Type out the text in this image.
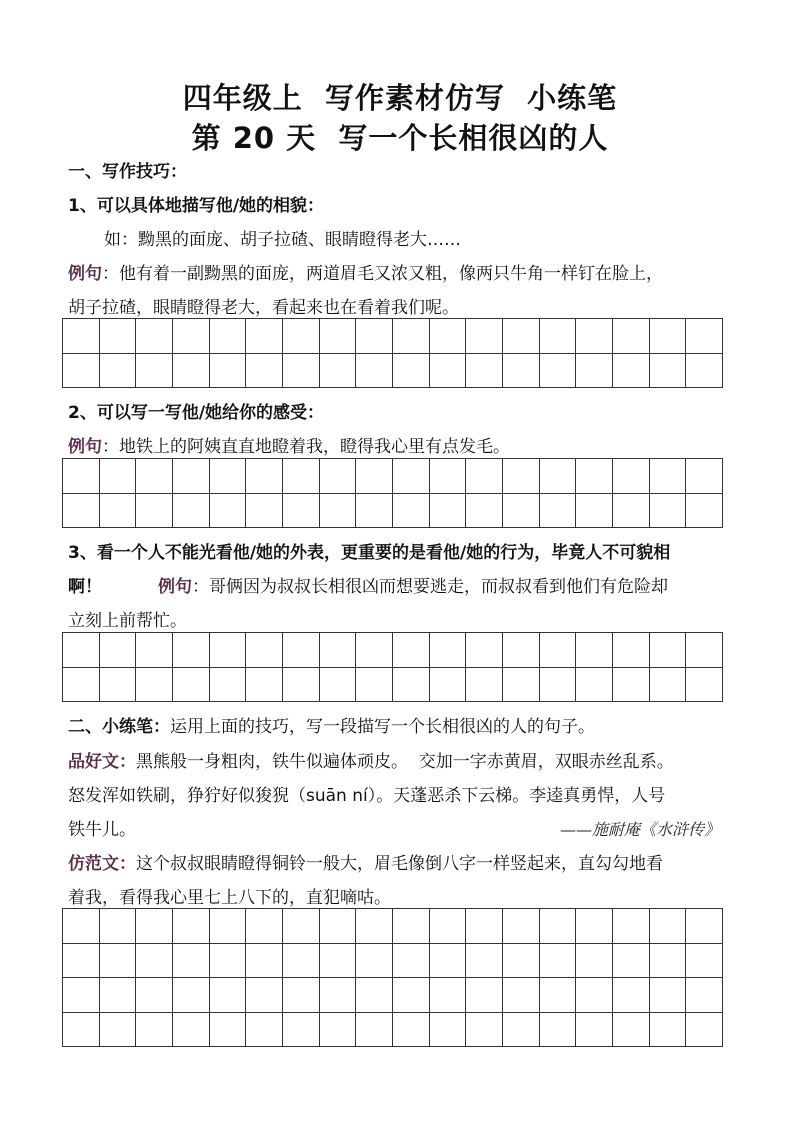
四年级上  写作素材仿写  小练笔
第 20 天  写一个长相很凶的人
一、写作技巧：
1、可以具体地描写他/她的相貌：
如：黝黑的面庞、胡子拉碴、眼睛瞪得老大……
例句：他有着一副黝黑的面庞，两道眉毛又浓又粗，像两只牛角一样钉在脸上，
胡子拉碴，眼睛瞪得老大，看起来也在看着我们呢。
2、可以写一写他/她给你的感受：
例句：地铁上的阿姨直直地瞪着我，瞪得我心里有点发毛。
3、看一个人不能光看他/她的外表，更重要的是看他/她的行为，毕竟人不可貌相
啊！	例句：哥俩因为叔叔长相很凶而想要逃走，而叔叔看到他们有危险却
立刻上前帮忙。
二、小练笔：运用上面的技巧，写一段描写一个长相很凶的人的句子。
品好文：黑熊般一身粗肉，铁牛似遍体顽皮。  交加一字赤黄眉，双眼赤丝乱系。
怒发浑如铁刷，狰狞好似狻猊（suān ní）。天蓬恶杀下云梯。李逵真勇悍，人号
铁牛儿。	——施耐庵《水浒传》
仿范文：这个叔叔眼睛瞪得铜铃一般大，眉毛像倒八字一样竖起来，直勾勾地看
着我，看得我心里七上八下的，直犯嘀咕。
